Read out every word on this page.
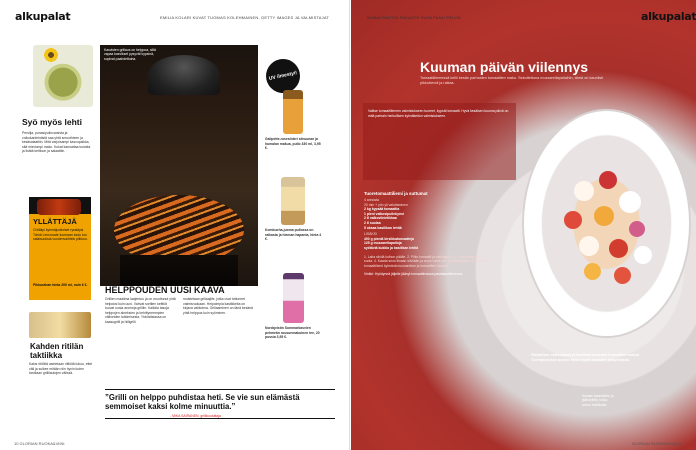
alkupalat	EMILIA KOLARI KUVAT TUOMAS KOLEHMAINEN, GETTY IMAGES JA VALMISTAJAT
Syö myös lehti
Persilja, punasipulinvarsista ja voikukanlehdistä saa yhtä smoothieen ja kesäsalaattiin. Mitä varjoisampi kasvupaikka, sitä miedompi maku. Kukat kannattaa kuivata ja lisätä keittoon ja salaattiin.
YLLÄTTÄJÄ
Chililäpi kyhmäjuottoiset ryssiäysi Tämä Lemonade tuomaan toulu tuo salaisuuksia vuodenvaihtelu pilkkoo.
Pikkurahan hinta 200 ml, noin 6 €.
Kahden ritilän taktiikka
Kaksi ritilöitä asetetaan ritilöitä tukuu, ettei väli ja sulkee mitään niin hyvin kuten tarvitaan grillilautojen välissä.
Kasvisten grillaus on helppoa, sillä vapaa kasvikset pysyvät kypsinä, sopivat paahdettuina.
HELPPOUDEN UUSI KAAVA
Grillien maailma laajentuu ja on muuttunut yhtä helpoksi kuin uuni. Vahvat sorttien keittiöt tuovat uusia aromeja grilliin. Kaikkia tasoja helppojen aineksien ja kehittyneempien välineiden tutkimisesta. Ykköslistassa on kaasugrilli ja hiiligrilli.
muistetaan grillaajille, jotka ovat tottuneet valmisruokaan. Helpoimpia kastikkeita on kirjava valikoima. Grillaaminen on tänä kesänä yhtä helppoa kuin syöminen.

”Grilli on helppo puhdistaa heti. Se vie sun elämästä semmoiset kaksi kolme minuuttia.”

- MIKA SAIRANEN, grillikouluttaja
UV ilmestyi!
Galipette-rosesiideri sitruunan ja humalan makua, pullo 330 ml, 3,95 €.
Kombucha-juoma pullossa on raikasta ja hieman hapanta, hinta 4 €.
Nordqvistin Sommarkasvien pehmeän ruusunmakuinen tee, 20 pussia 3,95 €.
10 GLORIAN RUOKA&VIINI
alkupalat
MINNA RAUTIO-PAKASTE KUVA PANU PÄLVIÄ
Kuuman päivän viilennys
Tomaattiliemessä kellii kesän parhaiden tomaattien maku. Sekoitettuna mozzarellapalloihin, tämä on kauniisti pikkutrendi ja raikas.
GLORIAN RUOKA&VIINI 11
Valitse tomaattiliemen valmistukseen tuoreet, kypsät tomaatit. Hyvä kesäisen kuuma päivä on mitä parhain herkullisen kylmäkeiton valmistukseen.
Tuoretomaattiliemi ja suttumat
4 annosta
20 min + yön yli valuttaminen
2 kg kypsää tomaattia
1 pieni valkosipulinkynsi
2 tl valkoviinietikkaa
2 tl suolaa
5 oksaa basilikan lehtiä
LISÄKSI
400 g pieniä kirsikkatomaatteja
125 g mozzarellapalloja
syötäviä kukkia ja basilikan lehtiä
1. Laita siivilä kulhon päälle. 2. Pilko tomaatit ja valkosipuli. 3. Lisää etikka ja suola. 4. Kaada seos liinaan siivilään ja anna valua yön yli jääkaapissa. 5. Tarjoile tomaattiliemi kylmänä mozzarellan ja tomaattien kanssa.
Vinkki: Hyödynnä jäljelle jäänyt tomaattimassa pastakastikkeessa.
Päivällisen valkosipulia ja basilikaa korostaa tomaattien makua. Tuorepuolukan tuoksu toimii hyvin tomaatin jääkylmässä.
Kuvaan kaunistettu ja jäähdytetty ruoka-annos basilikalla.
